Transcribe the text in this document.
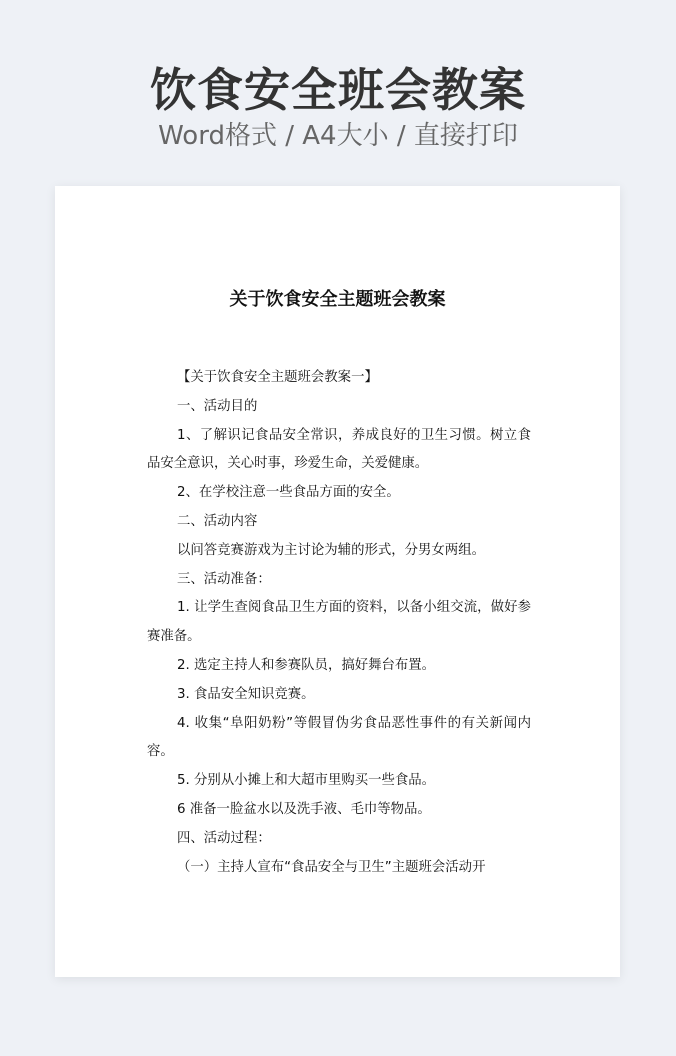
饮食安全班会教案
Word格式 / A4大小 / 直接打印
关于饮食安全主题班会教案

【关于饮食安全主题班会教案一】

一、活动目的

1、了解识记食品安全常识，养成良好的卫生习惯。树立食品安全意识，关心时事，珍爱生命，关爱健康。

2、在学校注意一些食品方面的安全。

二、活动内容

以问答竞赛游戏为主讨论为辅的形式，分男女两组。

三、活动准备：

1. 让学生查阅食品卫生方面的资料，以备小组交流，做好参赛准备。

2. 选定主持人和参赛队员，搞好舞台布置。

3. 食品安全知识竞赛。

4. 收集“阜阳奶粉”等假冒伪劣食品恶性事件的有关新闻内容。

5. 分别从小摊上和大超市里购买一些食品。

6 准备一脸盆水以及洗手液、毛巾等物品。

四、活动过程：

（一）主持人宣布“食品安全与卫生”主题班会活动开
